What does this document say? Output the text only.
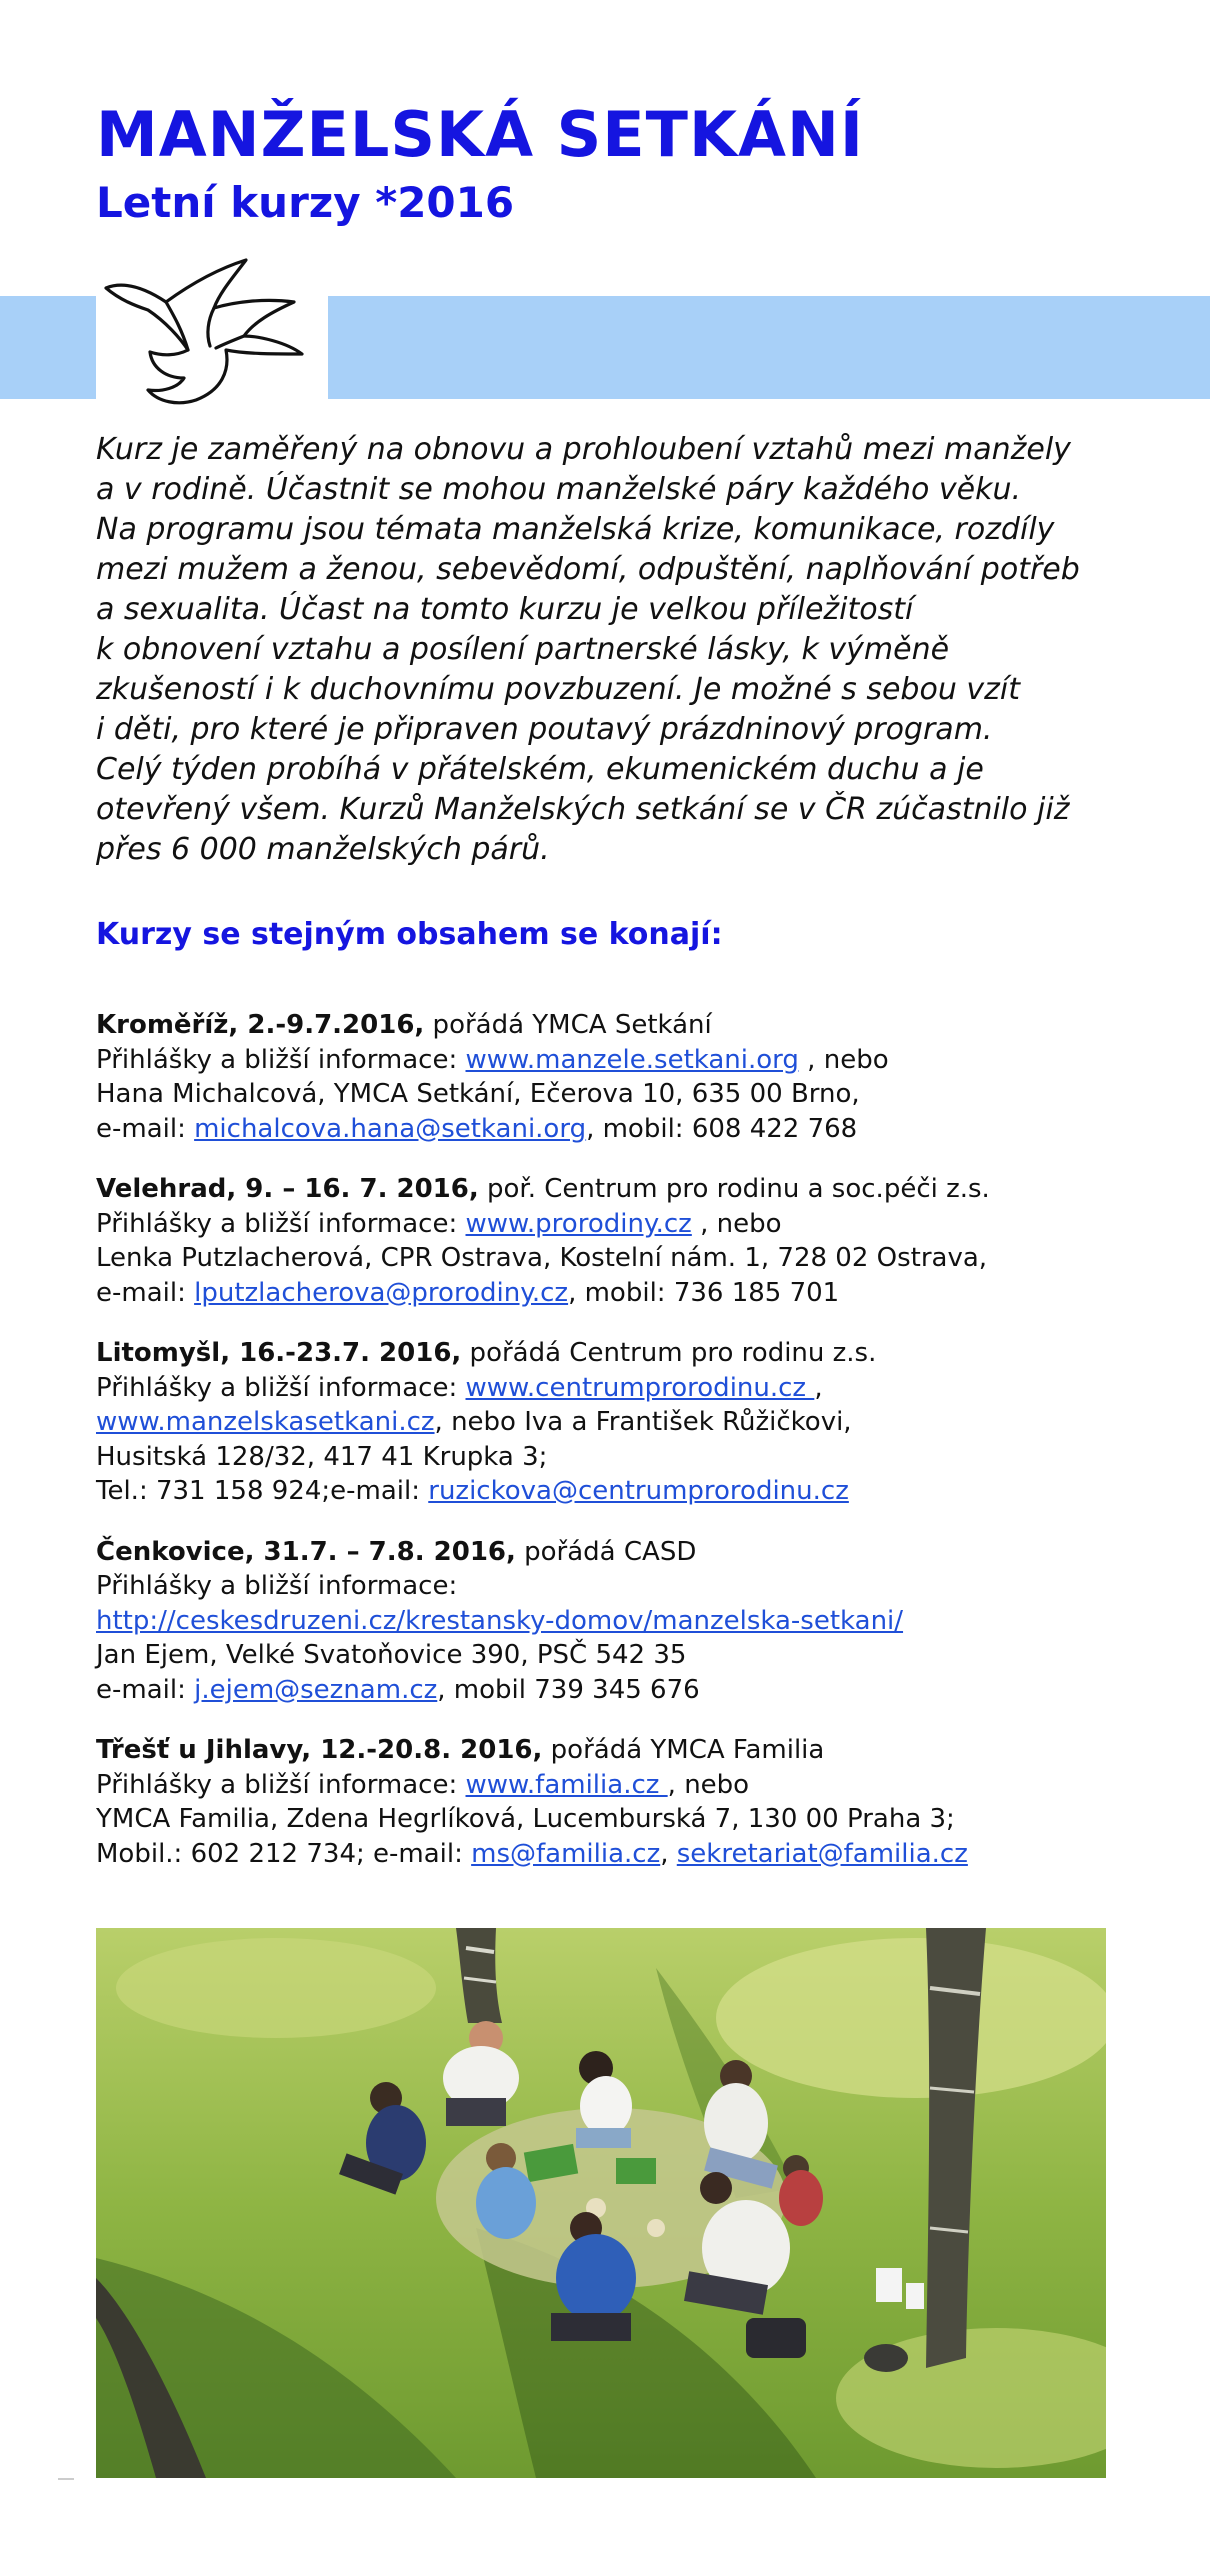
MANŽELSKÁ SETKÁNÍ
Letní kurzy *2016

Kurz je zaměřený na obnovu a prohloubení vztahů mezi manžely

a v rodině. Účastnit se mohou manželské páry každého věku.

Na programu jsou témata manželská krize, komunikace, rozdíly

mezi mužem a ženou, sebevědomí, odpuštění, naplňování potřeb

a sexualita. Účast na tomto kurzu je velkou příležitostí

k obnovení vztahu a posílení partnerské lásky, k výměně

zkušeností i k duchovnímu povzbuzení. Je možné s sebou vzít

i děti, pro které je připraven poutavý prázdninový program.

Celý týden probíhá v přátelském, ekumenickém duchu a je

otevřený všem. Kurzů Manželských setkání se v ČR zúčastnilo již

přes 6 000 manželských párů.

Kurzy se stejným obsahem se konají:
Kroměříž, 2.-9.7.2016, pořádá YMCA Setkání
Přihlášky a bližší informace: www.manzele.setkani.org , nebo
Hana Michalcová, YMCA Setkání, Ečerova 10, 635 00 Brno,
e-mail: michalcova.hana@setkani.org, mobil: 608 422 768
Velehrad, 9. – 16. 7. 2016, poř. Centrum pro rodinu a soc.péči z.s.
Přihlášky a bližší informace: www.prorodiny.cz , nebo
Lenka Putzlacherová, CPR Ostrava, Kostelní nám. 1, 728 02 Ostrava,
e-mail: lputzlacherova@prorodiny.cz, mobil: 736 185 701
Litomyšl, 16.-23.7. 2016, pořádá Centrum pro rodinu z.s.
Přihlášky a bližší informace: www.centrumprorodinu.cz ,
www.manzelskasetkani.cz, nebo Iva a František Růžičkovi,
Husitská 128/32, 417 41 Krupka 3;
Tel.: 731 158 924;e-mail: ruzickova@centrumprorodinu.cz
Čenkovice, 31.7. – 7.8. 2016, pořádá CASD
Přihlášky a bližší informace:
http://ceskesdruzeni.cz/krestansky-domov/manzelska-setkani/
Jan Ejem, Velké Svatoňovice 390, PSČ 542 35
e-mail: j.ejem@seznam.cz, mobil 739 345 676
Třešť u Jihlavy, 12.-20.8. 2016, pořádá YMCA Familia
Přihlášky a bližší informace: www.familia.cz , nebo
YMCA Familia, Zdena Hegrlíková, Lucemburská 7, 130 00 Praha 3;
Mobil.: 602 212 734; e-mail: ms@familia.cz, sekretariat@familia.cz
